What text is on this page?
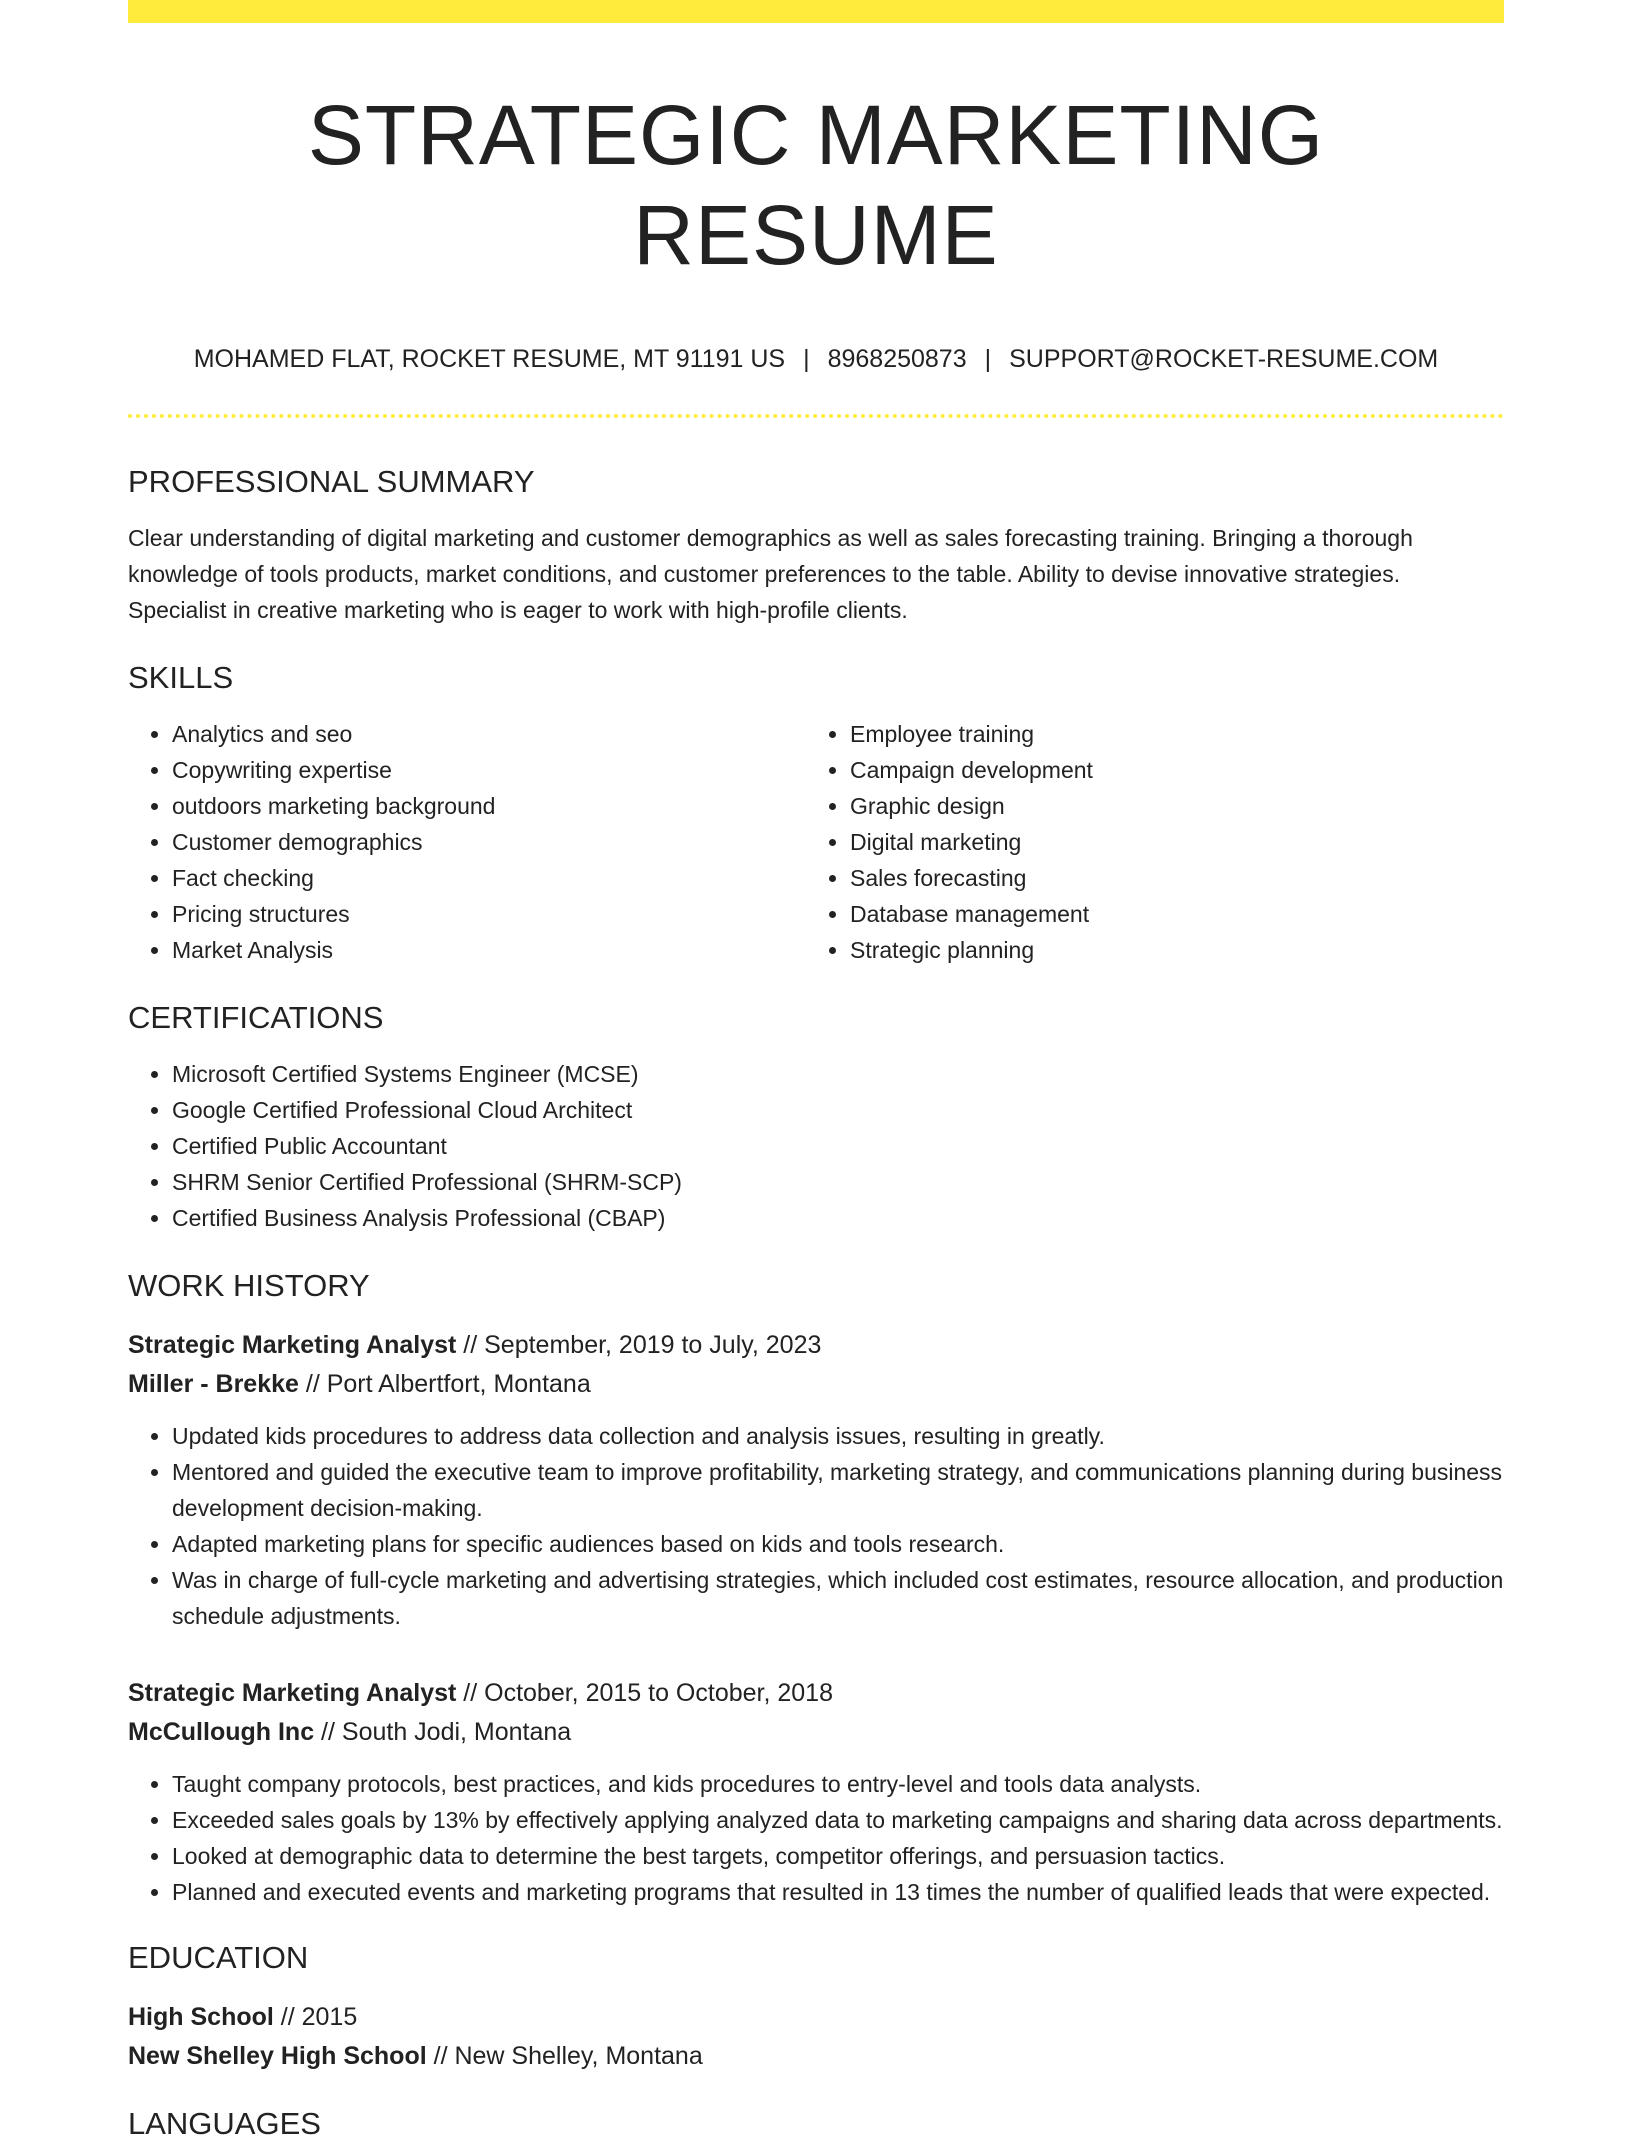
STRATEGIC MARKETING RESUME
MOHAMED FLAT, ROCKET RESUME, MT 91191 US | 8968250873 | SUPPORT@ROCKET-RESUME.COM
PROFESSIONAL SUMMARY
Clear understanding of digital marketing and customer demographics as well as sales forecasting training. Bringing a thorough knowledge of tools products, market conditions, and customer preferences to the table. Ability to devise innovative strategies. Specialist in creative marketing who is eager to work with high-profile clients.
SKILLS
• Analytics and seo
• Copywriting expertise
• outdoors marketing background
• Customer demographics
• Fact checking
• Pricing structures
• Market Analysis
• Employee training
• Campaign development
• Graphic design
• Digital marketing
• Sales forecasting
• Database management
• Strategic planning
CERTIFICATIONS
• Microsoft Certified Systems Engineer (MCSE)
• Google Certified Professional Cloud Architect
• Certified Public Accountant
• SHRM Senior Certified Professional (SHRM-SCP)
• Certified Business Analysis Professional (CBAP)
WORK HISTORY
Strategic Marketing Analyst // September, 2019 to July, 2023
Miller - Brekke // Port Albertfort, Montana
• Updated kids procedures to address data collection and analysis issues, resulting in greatly.
• Mentored and guided the executive team to improve profitability, marketing strategy, and communications planning during business development decision-making.
• Adapted marketing plans for specific audiences based on kids and tools research.
• Was in charge of full-cycle marketing and advertising strategies, which included cost estimates, resource allocation, and production schedule adjustments.
Strategic Marketing Analyst // October, 2015 to October, 2018
McCullough Inc // South Jodi, Montana
• Taught company protocols, best practices, and kids procedures to entry-level and tools data analysts.
• Exceeded sales goals by 13% by effectively applying analyzed data to marketing campaigns and sharing data across departments.
• Looked at demographic data to determine the best targets, competitor offerings, and persuasion tactics.
• Planned and executed events and marketing programs that resulted in 13 times the number of qualified leads that were expected.
EDUCATION
High School // 2015
New Shelley High School // New Shelley, Montana
LANGUAGES
